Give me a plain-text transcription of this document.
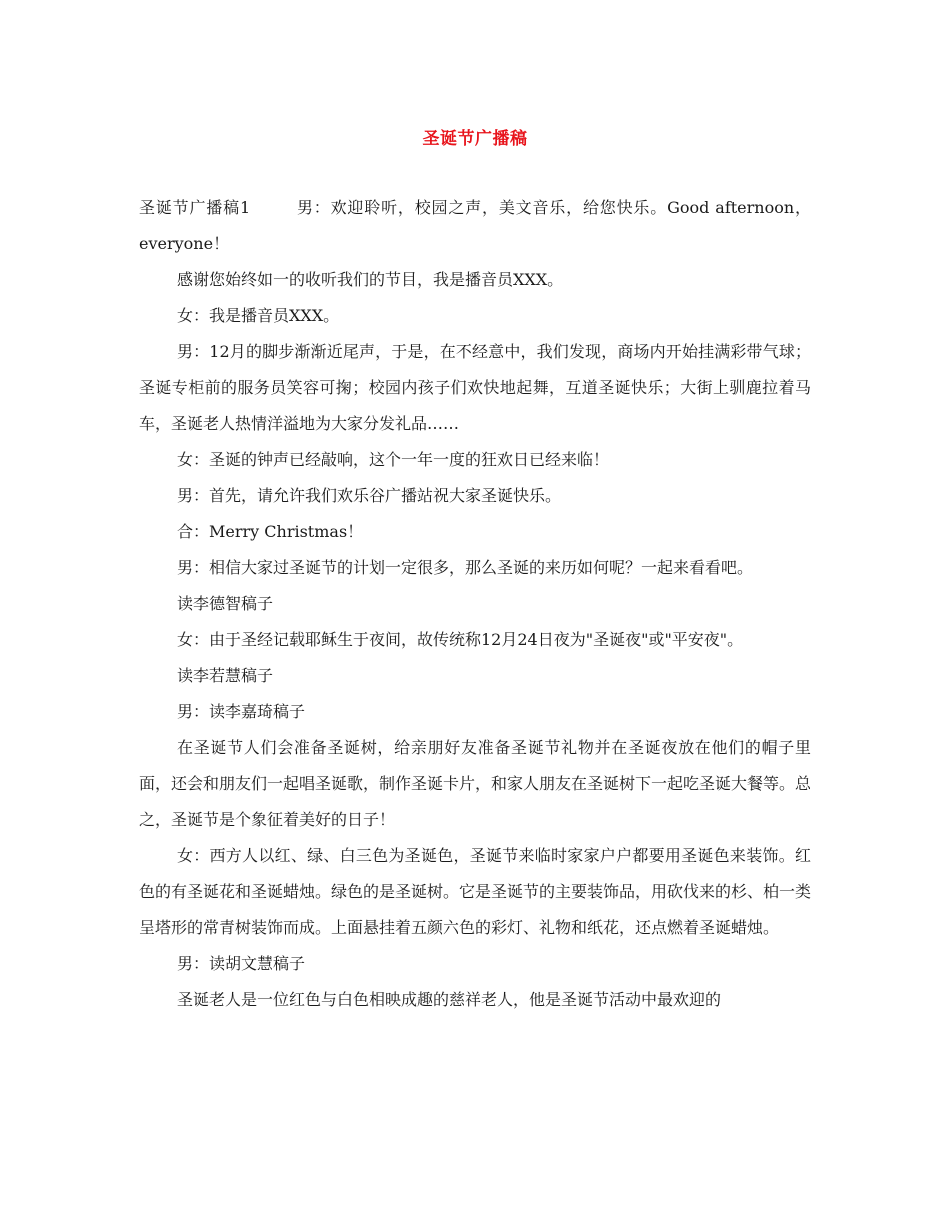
圣诞节广播稿

圣诞节广播稿1	男：欢迎聆听，校园之声，美文音乐，给您快乐。Good afternoon， everyone！

感谢您始终如一的收听我们的节目，我是播音员XXX。

女：我是播音员XXX。

男：12月的脚步渐渐近尾声，于是，在不经意中，我们发现，商场内开始挂满彩带气球；圣诞专柜前的服务员笑容可掬；校园内孩子们欢快地起舞，互道圣诞快乐；大街上驯鹿拉着马车，圣诞老人热情洋溢地为大家分发礼品……

女：圣诞的钟声已经敲响，这个一年一度的狂欢日已经来临！

男：首先，请允许我们欢乐谷广播站祝大家圣诞快乐。

合：Merry Christmas！

男：相信大家过圣诞节的计划一定很多，那么圣诞的来历如何呢？一起来看看吧。

读李德智稿子

女：由于圣经记载耶稣生于夜间，故传统称12月24日夜为"圣诞夜"或"平安夜"。

读李若慧稿子

男：读李嘉琦稿子

在圣诞节人们会准备圣诞树，给亲朋好友准备圣诞节礼物并在圣诞夜放在他们的帽子里面，还会和朋友们一起唱圣诞歌，制作圣诞卡片，和家人朋友在圣诞树下一起吃圣诞大餐等。总之，圣诞节是个象征着美好的日子！

女：西方人以红、绿、白三色为圣诞色，圣诞节来临时家家户户都要用圣诞色来装饰。红色的有圣诞花和圣诞蜡烛。绿色的是圣诞树。它是圣诞节的主要装饰品，用砍伐来的杉、柏一类呈塔形的常青树装饰而成。上面悬挂着五颜六色的彩灯、礼物和纸花，还点燃着圣诞蜡烛。

男：读胡文慧稿子

圣诞老人是一位红色与白色相映成趣的慈祥老人，他是圣诞节活动中最欢迎的
